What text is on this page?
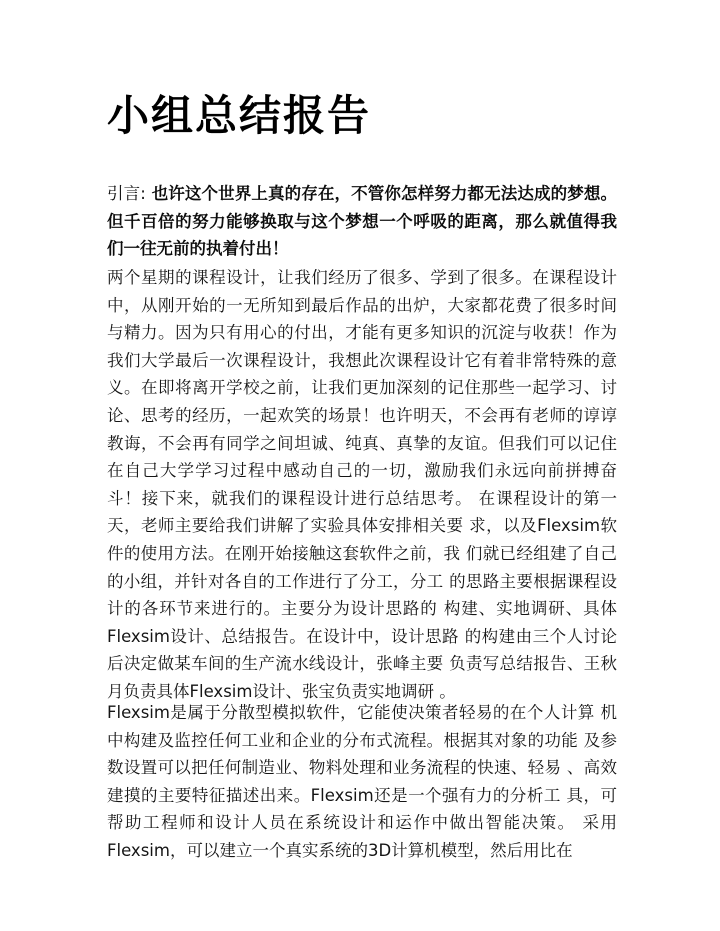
小组总结报告

引言: 也许这个世界上真的存在，不管你怎样努力都无法达成的梦想。但千百倍的努力能够换取与这个梦想一个呼吸的距离，那么就值得我们一往无前的执着付出！

两个星期的课程设计，让我们经历了很多、学到了很多。在课程设计中，从刚开始的一无所知到最后作品的出炉，大家都花费了很多时间与精力。因为只有用心的付出，才能有更多知识的沉淀与收获！作为我们大学最后一次课程设计，我想此次课程设计它有着非常特殊的意义。在即将离开学校之前，让我们更加深刻的记住那些一起学习、讨论、思考的经历，一起欢笑的场景！也许明天，不会再有老师的谆谆教诲，不会再有同学之间坦诚、纯真、真挚的友谊。但我们可以记住在自己大学学习过程中感动自己的一切，激励我们永远向前拼搏奋斗！接下来，就我们的课程设计进行总结思考。 在课程设计的第一天，老师主要给我们讲解了实验具体安排相关要 求，以及Flexsim软件的使用方法。在刚开始接触这套软件之前，我 们就已经组建了自己的小组，并针对各自的工作进行了分工，分工 的思路主要根据课程设计的各环节来进行的。主要分为设计思路的 构建、实地调研、具体Flexsim设计、总结报告。在设计中，设计思路 的构建由三个人讨论后决定做某车间的生产流水线设计，张峰主要 负责写总结报告、王秋月负责具体Flexsim设计、张宝负责实地调研 。

Flexsim是属于分散型模拟软件，它能使决策者轻易的在个人计算 机中构建及监控任何工业和企业的分布式流程。根据其对象的功能 及参数设置可以把任何制造业、物料处理和业务流程的快速、轻易 、高效建摸的主要特征描述出来。Flexsim还是一个强有力的分析工 具，可帮助工程师和设计人员在系统设计和运作中做出智能决策。 采用Flexsim，可以建立一个真实系统的3D计算机模型，然后用比在
